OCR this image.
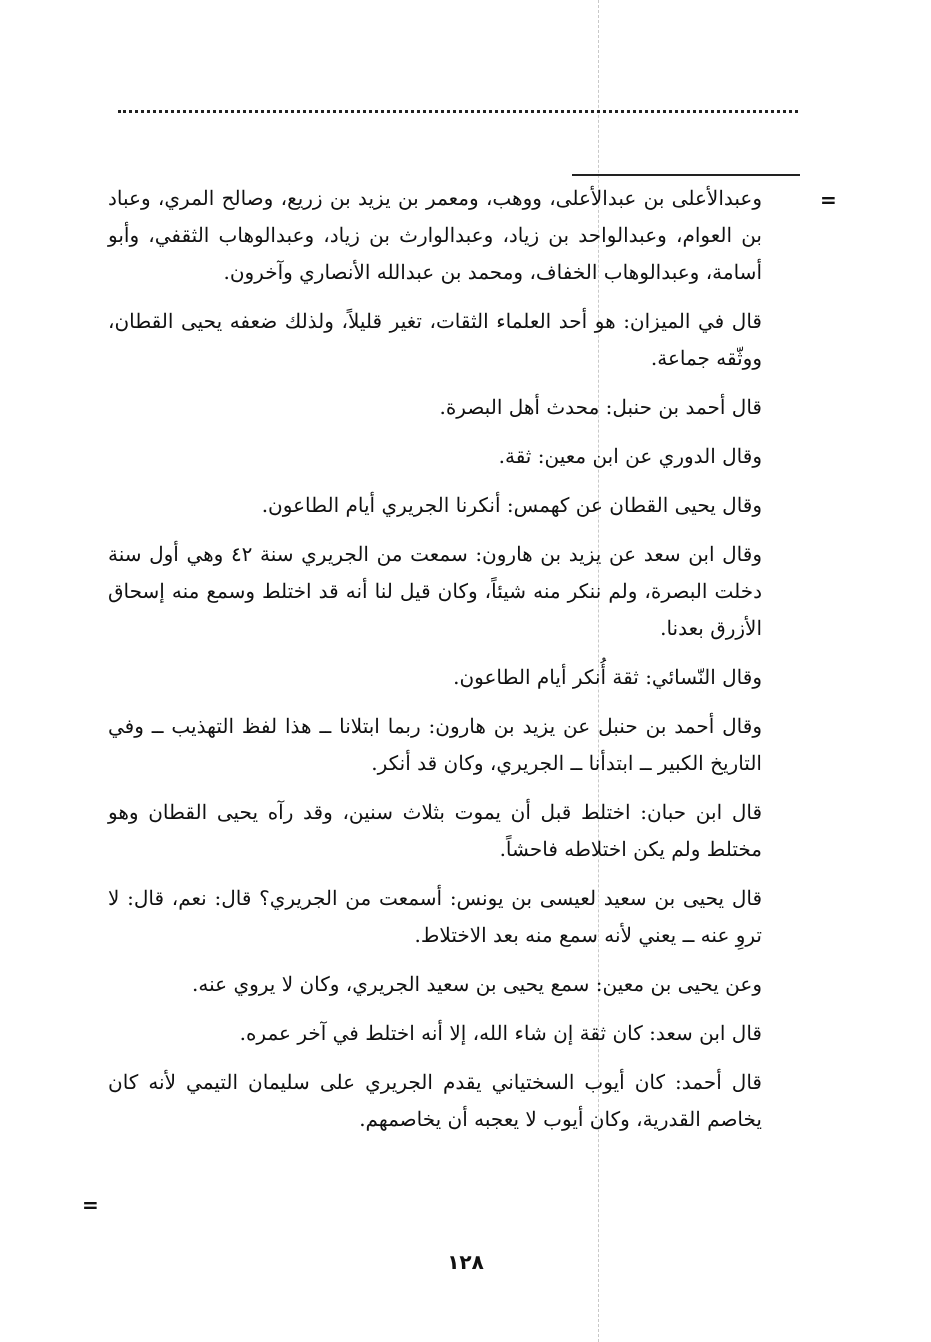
=

وعبدالأعلى بن عبدالأعلى، ووهب، ومعمر بن يزيد بن زريع، وصالح المري، وعباد بن العوام، وعبدالواحد بن زياد، وعبدالوارث بن زياد، وعبدالوهاب الثقفي، وأبو أسامة، وعبدالوهاب الخفاف، ومحمد بن عبدالله الأنصاري وآخرون.

قال في الميزان: هو أحد العلماء الثقات، تغير قليلاً، ولذلك ضعفه يحيى القطان، ووثّقه جماعة.

قال أحمد بن حنبل: محدث أهل البصرة.

وقال الدوري عن ابن معين: ثقة.

وقال يحيى القطان عن كهمس: أنكرنا الجريري أيام الطاعون.

وقال ابن سعد عن يزيد بن هارون: سمعت من الجريري سنة ٤٢ وهي أول سنة دخلت البصرة، ولم ننكر منه شيئاً، وكان قيل لنا أنه قد اختلط وسمع منه إسحاق الأزرق بعدنا.

وقال النّسائي: ثقة أُنكر أيام الطاعون.

وقال أحمد بن حنبل عن يزيد بن هارون: ربما ابتلانا ــ هذا لفظ التهذيب ــ وفي التاريخ الكبير ــ ابتدأنا ــ الجريري، وكان قد أنكر.

قال ابن حبان: اختلط قبل أن يموت بثلاث سنين، وقد رآه يحيى القطان وهو مختلط ولم يكن اختلاطه فاحشاً.

قال يحيى بن سعيد لعيسى بن يونس: أسمعت من الجريري؟ قال: نعم، قال: لا تروِ عنه ــ يعني لأنه سمع منه بعد الاختلاط.

وعن يحيى بن معين: سمع يحيى بن سعيد الجريري، وكان لا يروي عنه.

قال ابن سعد: كان ثقة إن شاء الله، إلا أنه اختلط في آخر عمره.

قال أحمد: كان أيوب السختياني يقدم الجريري على سليمان التيمي لأنه كان يخاصم القدرية، وكان أيوب لا يعجبه أن يخاصمهم.

=
١٢٨
